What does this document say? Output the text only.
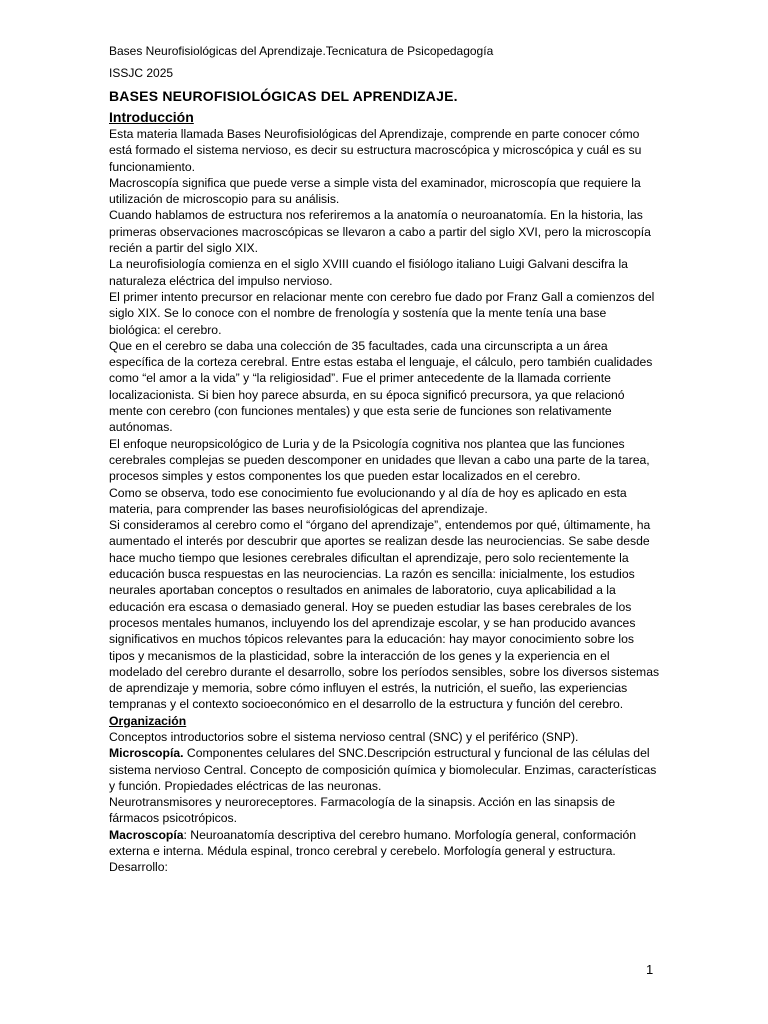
Bases Neurofisiológicas del Aprendizaje.Tecnicatura de Psicopedagogía
ISSJC 2025
BASES NEUROFISIOLÓGICAS DEL APRENDIZAJE.
Introducción

Esta materia llamada Bases Neurofisiológicas del Aprendizaje, comprende en parte conocer cómo está formado el sistema nervioso, es decir su estructura macroscópica y microscópica y cuál es su funcionamiento.

Macroscopía significa que puede verse a simple vista del examinador, microscopía que requiere la utilización de microscopio para su análisis.

Cuando hablamos de estructura nos referiremos a la anatomía o neuroanatomía. En la historia, las primeras observaciones macroscópicas se llevaron a cabo a partir del siglo XVI, pero la microscopía recién a partir del siglo XIX.

La neurofisiología comienza en el siglo XVIII cuando el fisiólogo italiano Luigi Galvani descifra la naturaleza eléctrica del impulso nervioso.

El primer intento precursor en relacionar mente con cerebro fue dado por Franz Gall a comienzos del siglo XIX. Se lo conoce con el nombre de frenología y sostenía que la mente tenía una base biológica: el cerebro.

Que en el cerebro se daba una colección de 35 facultades, cada una circunscripta a un área específica de la corteza cerebral. Entre estas estaba el lenguaje, el cálculo, pero también cualidades como “el amor a la vida” y “la religiosidad”. Fue el primer antecedente de la llamada corriente localizacionista. Si bien hoy parece absurda, en su época significó precursora, ya que relacionó mente con cerebro (con funciones mentales) y que esta serie de funciones son relativamente autónomas.

El enfoque neuropsicológico de Luria y de la Psicología cognitiva nos plantea que las funciones cerebrales complejas se pueden descomponer en unidades que llevan a cabo una parte de la tarea, procesos simples y estos componentes los que pueden estar localizados en el cerebro.

Como se observa, todo ese conocimiento fue evolucionando y al día de hoy es aplicado en esta materia, para comprender las bases neurofisiológicas del aprendizaje.

Si consideramos al cerebro como el “órgano del aprendizaje”, entendemos por qué, últimamente, ha aumentado el interés por descubrir que aportes se realizan desde las neurociencias. Se sabe desde hace mucho tiempo que lesiones cerebrales dificultan el aprendizaje, pero solo recientemente la educación busca respuestas en las neurociencias. La razón es sencilla: inicialmente, los estudios neurales aportaban conceptos o resultados en animales de laboratorio, cuya aplicabilidad a la educación era escasa o demasiado general. Hoy se pueden estudiar las bases cerebrales de los procesos mentales humanos, incluyendo los del aprendizaje escolar, y se han producido avances significativos en muchos tópicos relevantes para la educación: hay mayor conocimiento sobre los tipos y mecanismos de la plasticidad, sobre la interacción de los genes y la experiencia en el modelado del cerebro durante el desarrollo, sobre los períodos sensibles, sobre los diversos sistemas de aprendizaje y memoria, sobre cómo influyen el estrés, la nutrición, el sueño, las experiencias tempranas y el contexto socioeconómico en el desarrollo de la estructura y función del cerebro.

Organización

Conceptos introductorios sobre el sistema nervioso central (SNC) y el periférico (SNP).

Microscopía. Componentes celulares del SNC.Descripción estructural y funcional de las células del sistema nervioso Central. Concepto de composición química y biomolecular. Enzimas, características y función. Propiedades eléctricas de las neuronas.

Neurotransmisores y neuroreceptores. Farmacología de la sinapsis. Acción en las sinapsis de fármacos psicotrópicos.

Macroscopía: Neuroanatomía descriptiva del cerebro humano. Morfología general, conformación externa e interna. Médula espinal, tronco cerebral y cerebelo. Morfología general y estructura.

Desarrollo:

1
